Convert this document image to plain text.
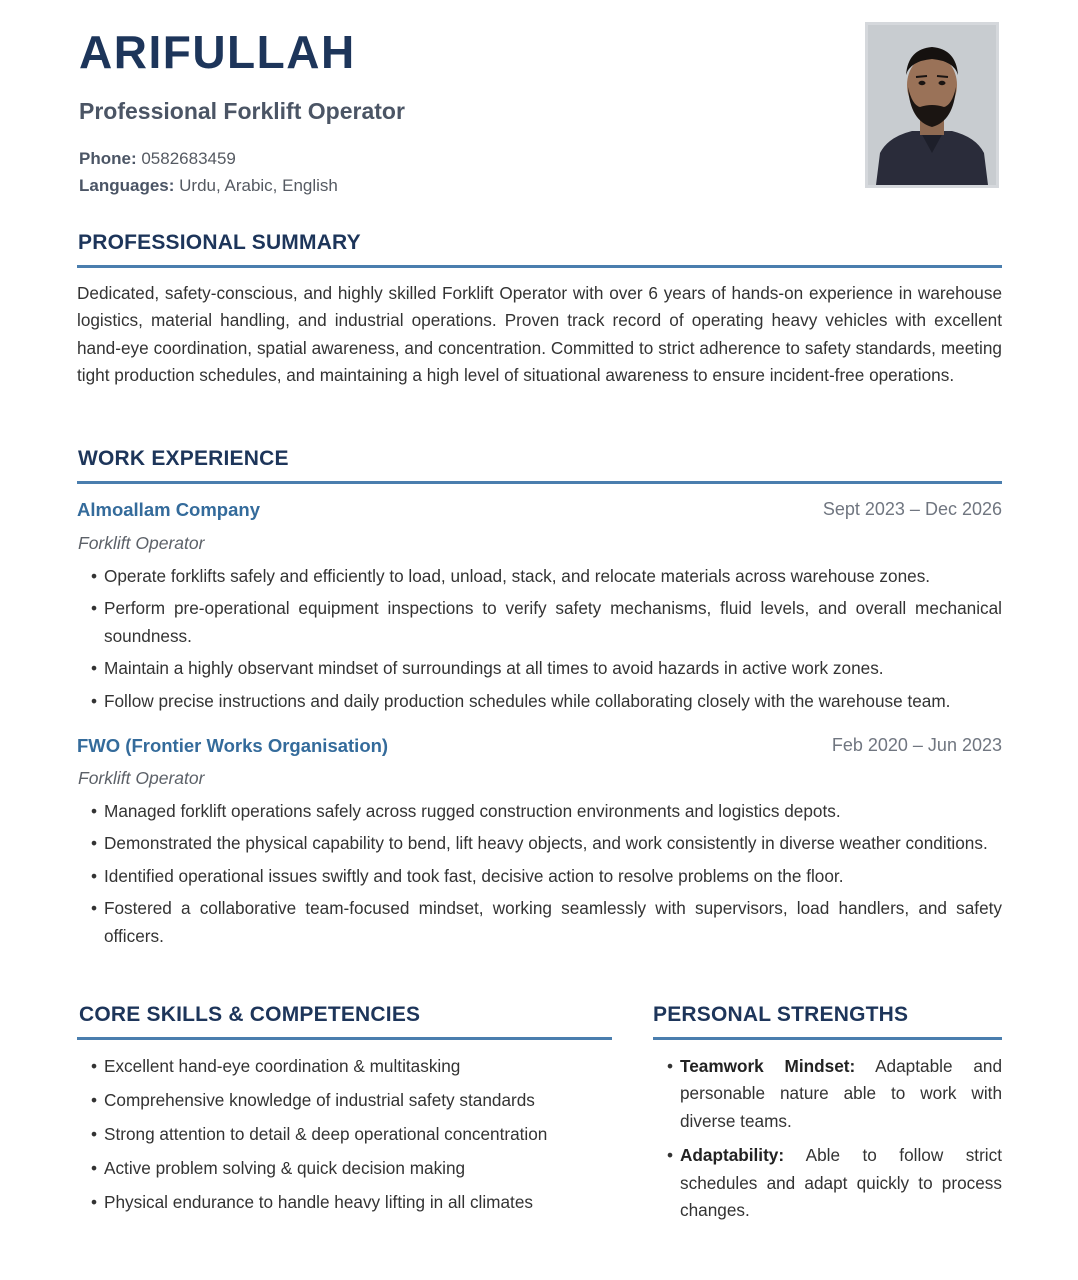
ARIFULLAH
Professional Forklift Operator
Phone: 0582683459
Languages: Urdu, Arabic, English
PROFESSIONAL SUMMARY

Dedicated, safety-conscious, and highly skilled Forklift Operator with over 6 years of hands-on experience in warehouse logistics, material handling, and industrial operations. Proven track record of operating heavy vehicles with excellent hand-eye coordination, spatial awareness, and concentration. Committed to strict adherence to safety standards, meeting tight production schedules, and maintaining a high level of situational awareness to ensure incident-free operations.

WORK EXPERIENCE
Almoallam Company	Sept 2023 – Dec 2026
Forklift Operator
• Operate forklifts safely and efficiently to load, unload, stack, and relocate materials across warehouse zones.
• Perform pre-operational equipment inspections to verify safety mechanisms, fluid levels, and overall mechanical soundness.
• Maintain a highly observant mindset of surroundings at all times to avoid hazards in active work zones.
• Follow precise instructions and daily production schedules while collaborating closely with the warehouse team.
FWO (Frontier Works Organisation)	Feb 2020 – Jun 2023
Forklift Operator
• Managed forklift operations safely across rugged construction environments and logistics depots.
• Demonstrated the physical capability to bend, lift heavy objects, and work consistently in diverse weather conditions.
• Identified operational issues swiftly and took fast, decisive action to resolve problems on the floor.
• Fostered a collaborative team-focused mindset, working seamlessly with supervisors, load handlers, and safety officers.
CORE SKILLS & COMPETENCIES
• Excellent hand-eye coordination & multitasking
• Comprehensive knowledge of industrial safety standards
• Strong attention to detail & deep operational concentration
• Active problem solving & quick decision making
• Physical endurance to handle heavy lifting in all climates
PERSONAL STRENGTHS
• Teamwork Mindset: Adaptable and personable nature able to work with diverse teams.
• Adaptability: Able to follow strict schedules and adapt quickly to process changes.
